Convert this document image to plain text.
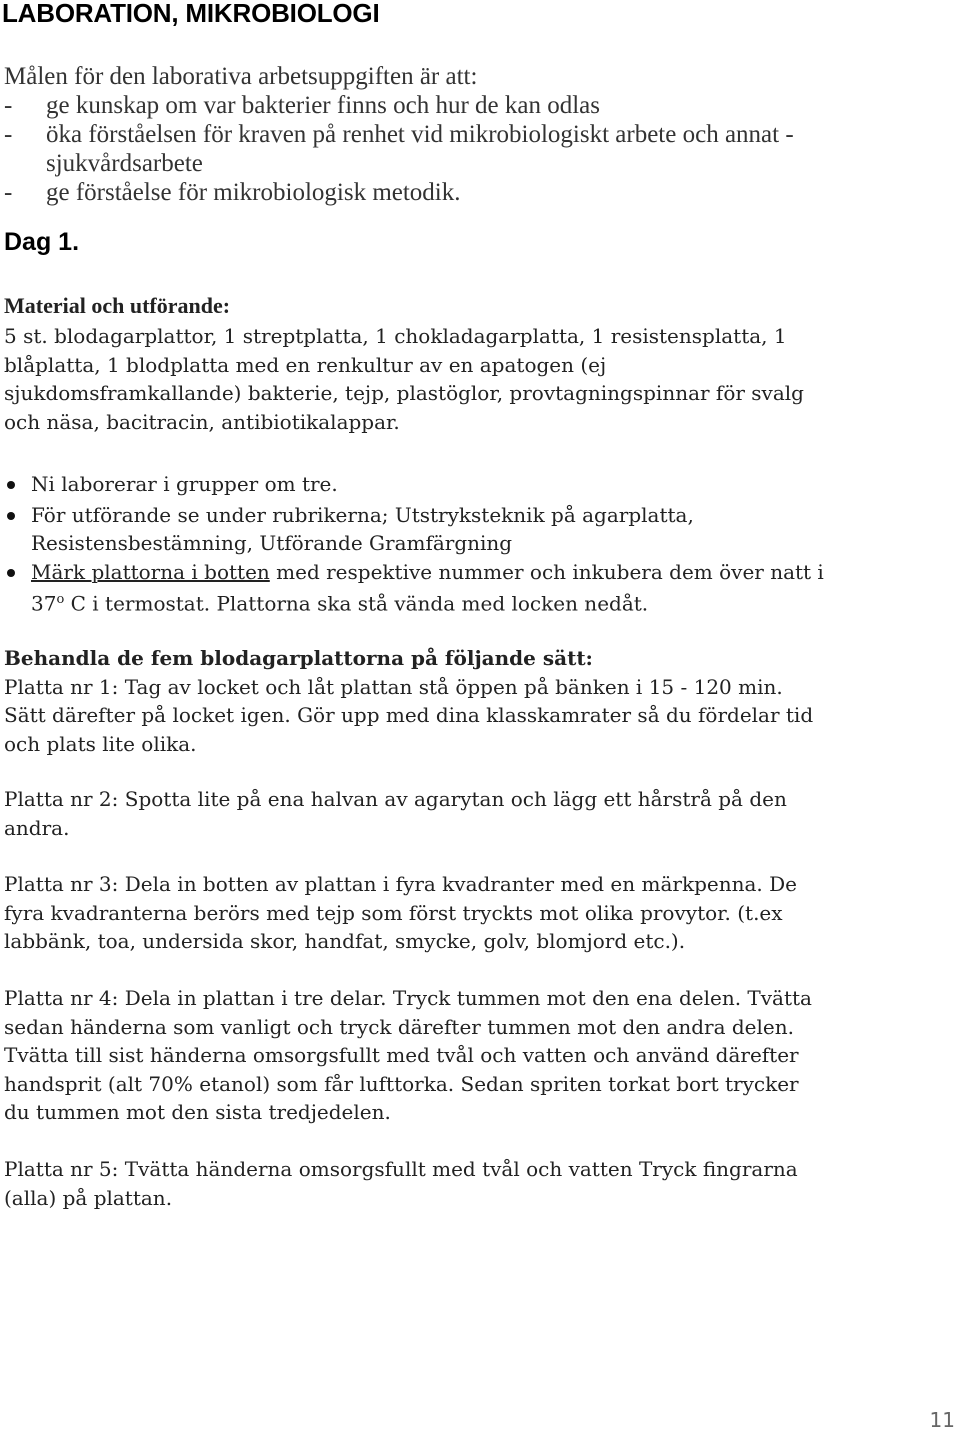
LABORATION, MIKROBIOLOGI
Målen för den laborativa arbetsuppgiften är att:
- ge kunskap om var bakterier finns och hur de kan odlas
- öka förståelsen för kraven på renhet vid mikrobiologiskt arbete och annat -
sjukvårdsarbete
- ge förståelse för mikrobiologisk metodik.
Dag 1.
Material och utförande:

5 st. blodagarplattor, 1 streptplatta, 1 chokladagarplatta, 1 resistensplatta, 1

blåplatta, 1 blodplatta med en renkultur av en apatogen (ej

sjukdomsframkallande) bakterie, tejp, plastöglor, provtagningspinnar för svalg

och näsa, bacitracin, antibiotikalappar.

Ni laborerar i grupper om tre.

För utförande se under rubrikerna; Utstryksteknik på agarplatta,

Resistensbestämning, Utförande Gramfärgning

Märk plattorna i botten med respektive nummer och inkubera dem över natt i

37$^o$ C i termostat. Plattorna ska stå vända med locken nedåt.

Behandla de fem blodagarplattorna på följande sätt:

Platta nr 1: Tag av locket och låt plattan stå öppen på bänken i 15 - 120 min.

Sätt därefter på locket igen. Gör upp med dina klasskamrater så du fördelar tid

och plats lite olika.

Platta nr 2: Spotta lite på ena halvan av agarytan och lägg ett hårstrå på den

andra.

Platta nr 3: Dela in botten av plattan i fyra kvadranter med en märkpenna. De

fyra kvadranterna berörs med tejp som först tryckts mot olika provytor. (t.ex

labbänk, toa, undersida skor, handfat, smycke, golv, blomjord etc.).

Platta nr 4: Dela in plattan i tre delar. Tryck tummen mot den ena delen. Tvätta

sedan händerna som vanligt och tryck därefter tummen mot den andra delen.

Tvätta till sist händerna omsorgsfullt med tvål och vatten och använd därefter

handsprit (alt 70% etanol) som får lufttorka. Sedan spriten torkat bort trycker

du tummen mot den sista tredjedelen.

Platta nr 5: Tvätta händerna omsorgsfullt med tvål och vatten Tryck fingrarna

(alla) på plattan.

11
